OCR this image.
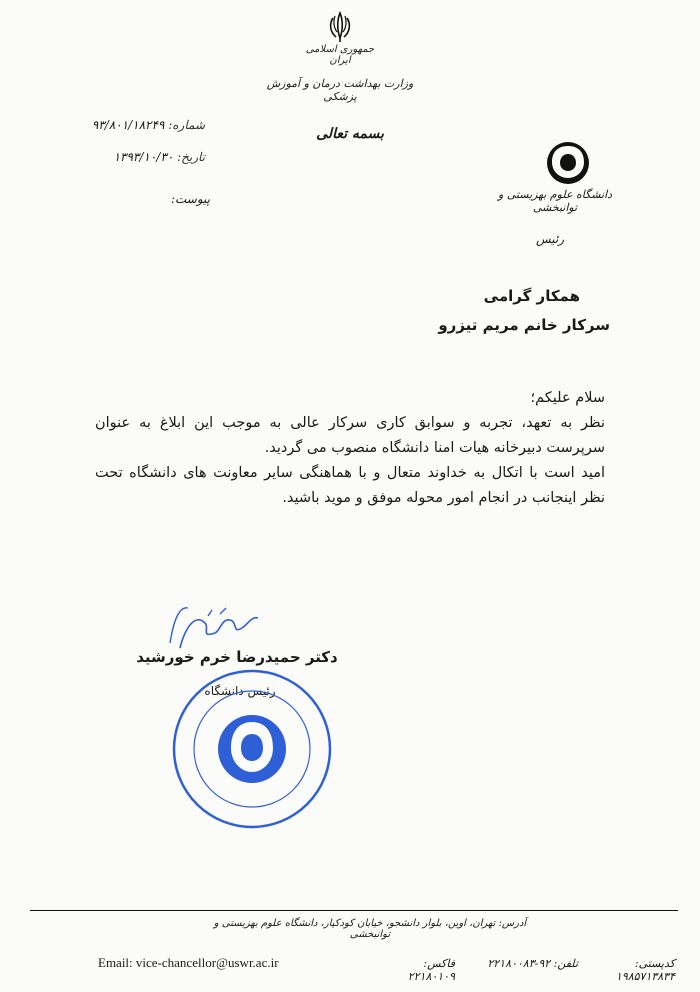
جمهوری اسلامی ایران
وزارت بهداشت درمان و آموزش پزشکی
بسمه تعالی
شماره: ۹۳/۸۰۱/۱۸۲۴۹
تاریخ: ۱۳۹۳/۱۰/۳۰
پیوست:	دانشگاه علوم بهزیستی و توانبخشی
رئیس
همکار گرامی
سرکار خانم مریم تیزرو

سلام علیکم؛

نظر به تعهد، تجربه و سوابق کاری سرکار عالی به موجب این ابلاغ به عنوان سرپرست دبیرخانه هیات امنا دانشگاه منصوب می گردید.

امید است با اتکال به خداوند متعال و با هماهنگی سایر معاونت های دانشگاه تحت نظر اینجانب در انجام امور محوله موفق و موید باشید.

دکتر حمیدرضا خرم خورشید
رئیس دانشگاه
آدرس: تهران، اوین، بلوار دانشجو، خیابان کودکیار، دانشگاه علوم بهزیستی و توانبخشی
Email: vice-chancellor@uswr.ac.ir	فاکس: ۲۲۱۸۰۱۰۹
تلفن: ۹۲-۲۲۱۸۰۰۸۳	کدپستی: ۱۹۸۵۷۱۳۸۳۴
